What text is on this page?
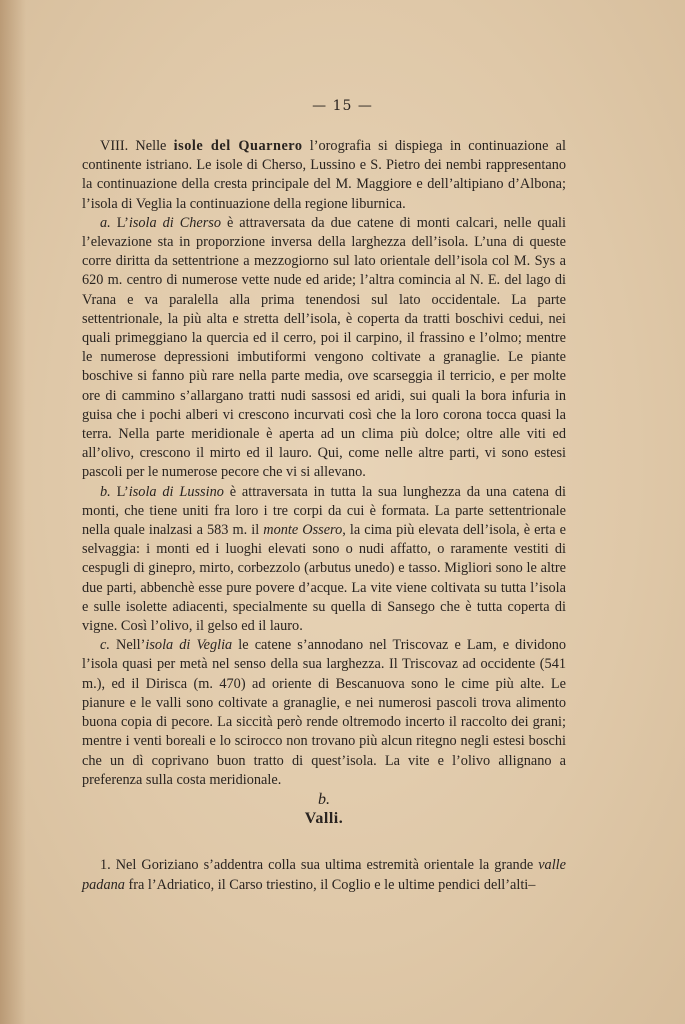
— 15 —

VIII. Nelle isole del Quarnero l’orografia si dispiega in continuazione al continente istriano. Le isole di Cherso, Lussino e S. Pietro dei nembi rappresentano la continuazione della cresta principale del M. Maggiore e dell’altipiano d’Albona; l’isola di Veglia la continuazione della regione liburnica.

a. L’isola di Cherso è attraversata da due catene di monti calcari, nelle quali l’elevazione sta in proporzione inversa della larghezza dell’isola. L’una di queste corre diritta da settentrione a mezzogiorno sul lato orientale dell’isola col M. Sys a 620 m. centro di numerose vette nude ed aride; l’altra comincia al N. E. del lago di Vrana e va paralella alla prima tenendosi sul lato occidentale. La parte settentrionale, la più alta e stretta dell’isola, è coperta da tratti boschivi cedui, nei quali primeggiano la quercia ed il cerro, poi il carpino, il frassino e l’olmo; mentre le numerose depressioni imbutiformi vengono coltivate a granaglie. Le piante boschive si fanno più rare nella parte media, ove scarseggia il terricio, e per molte ore di cammino s’allargano tratti nudi sassosi ed aridi, sui quali la bora infuria in guisa che i pochi alberi vi crescono incurvati così che la loro corona tocca quasi la terra. Nella parte meridionale è aperta ad un clima più dolce; oltre alle viti ed all’olivo, crescono il mirto ed il lauro. Qui, come nelle altre parti, vi sono estesi pascoli per le numerose pecore che vi si allevano.

b. L’isola di Lussino è attraversata in tutta la sua lunghezza da una catena di monti, che tiene uniti fra loro i tre corpi da cui è formata. La parte settentrionale nella quale inalzasi a 583 m. il monte Ossero, la cima più elevata dell’isola, è erta e selvaggia: i monti ed i luoghi elevati sono o nudi affatto, o raramente vestiti di cespugli di ginepro, mirto, corbezzolo (arbutus unedo) e tasso. Migliori sono le altre due parti, abbenchè esse pure povere d’acque. La vite viene coltivata su tutta l’isola e sulle isolette adiacenti, specialmente su quella di Sansego che è tutta coperta di vigne. Così l’olivo, il gelso ed il lauro.

c. Nell’isola di Veglia le catene s’annodano nel Triscovaz e Lam, e dividono l’isola quasi per metà nel senso della sua larghezza. Il Triscovaz ad occidente (541 m.), ed il Dirisca (m. 470) ad oriente di Bescanuova sono le cime più alte. Le pianure e le valli sono coltivate a granaglie, e nei numerosi pascoli trova alimento buona copia di pecore. La siccità però rende oltremodo incerto il raccolto dei grani; mentre i venti boreali e lo scirocco non trovano più alcun ritegno negli estesi boschi che un dì coprivano buon tratto di quest’isola. La vite e l’olivo allignano a preferenza sulla costa meridionale.

b.

Valli.

1. Nel Goriziano s’addentra colla sua ultima estremità orientale la grande valle padana fra l’Adriatico, il Carso triestino, il Coglio e le ultime pendici dell’alti–
